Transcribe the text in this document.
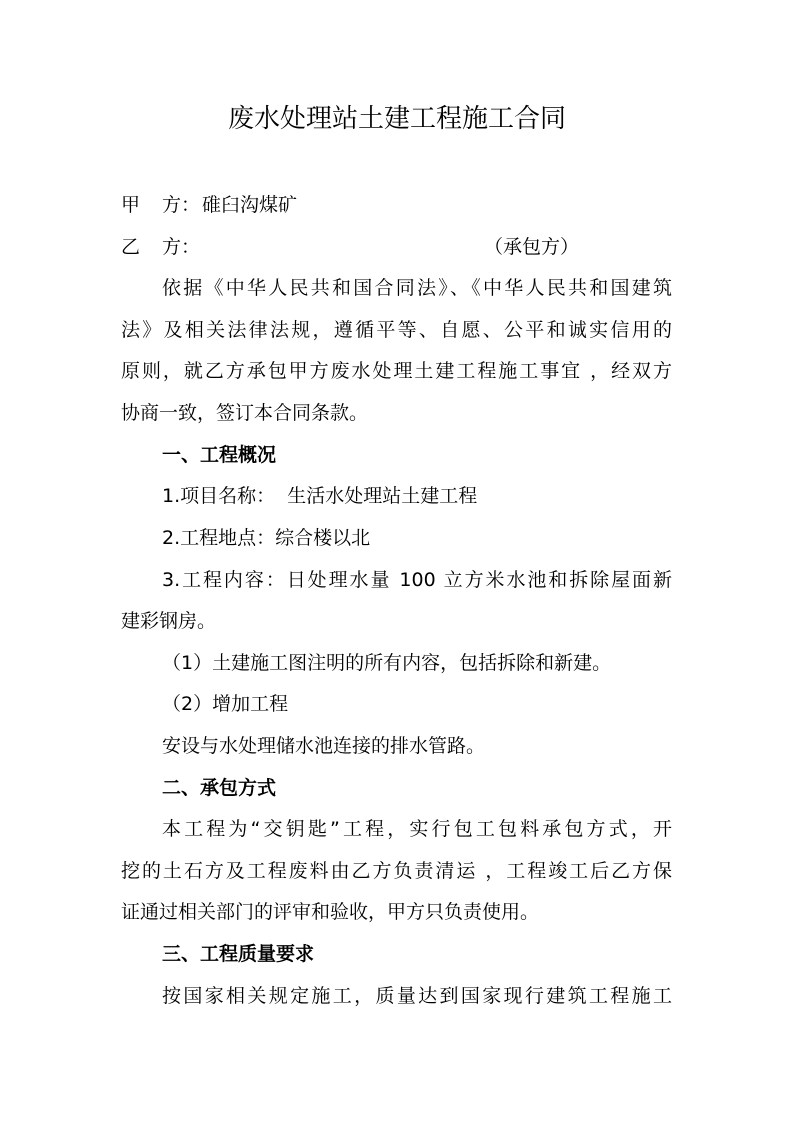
废水处理站土建工程施工合同
甲 方： 碓臼沟煤矿
乙 方：	（承包方）
依据《中华人民共和国合同法》、《中华人民共和国建筑
法》及相关法律法规，遵循平等、自愿、公平和诚实信用的
原则，就乙方承包甲方废水处理土建工程施工事宜 ，经双方
协商一致，签订本合同条款。
一、工程概况
1.项目名称：  生活水处理站土建工程
2.工程地点：综合楼以北
3.工程内容：日处理水量 100 立方米水池和拆除屋面新
建彩钢房。
（1）土建施工图注明的所有内容，包括拆除和新建。
（2）增加工程
安设与水处理储水池连接的排水管路。
二、承包方式
本工程为“交钥匙”工程，实行包工包料承包方式，开
挖的土石方及工程废料由乙方负责清运 ，工程竣工后乙方保
证通过相关部门的评审和验收，甲方只负责使用。
三、工程质量要求
按国家相关规定施工，质量达到国家现行建筑工程施工
